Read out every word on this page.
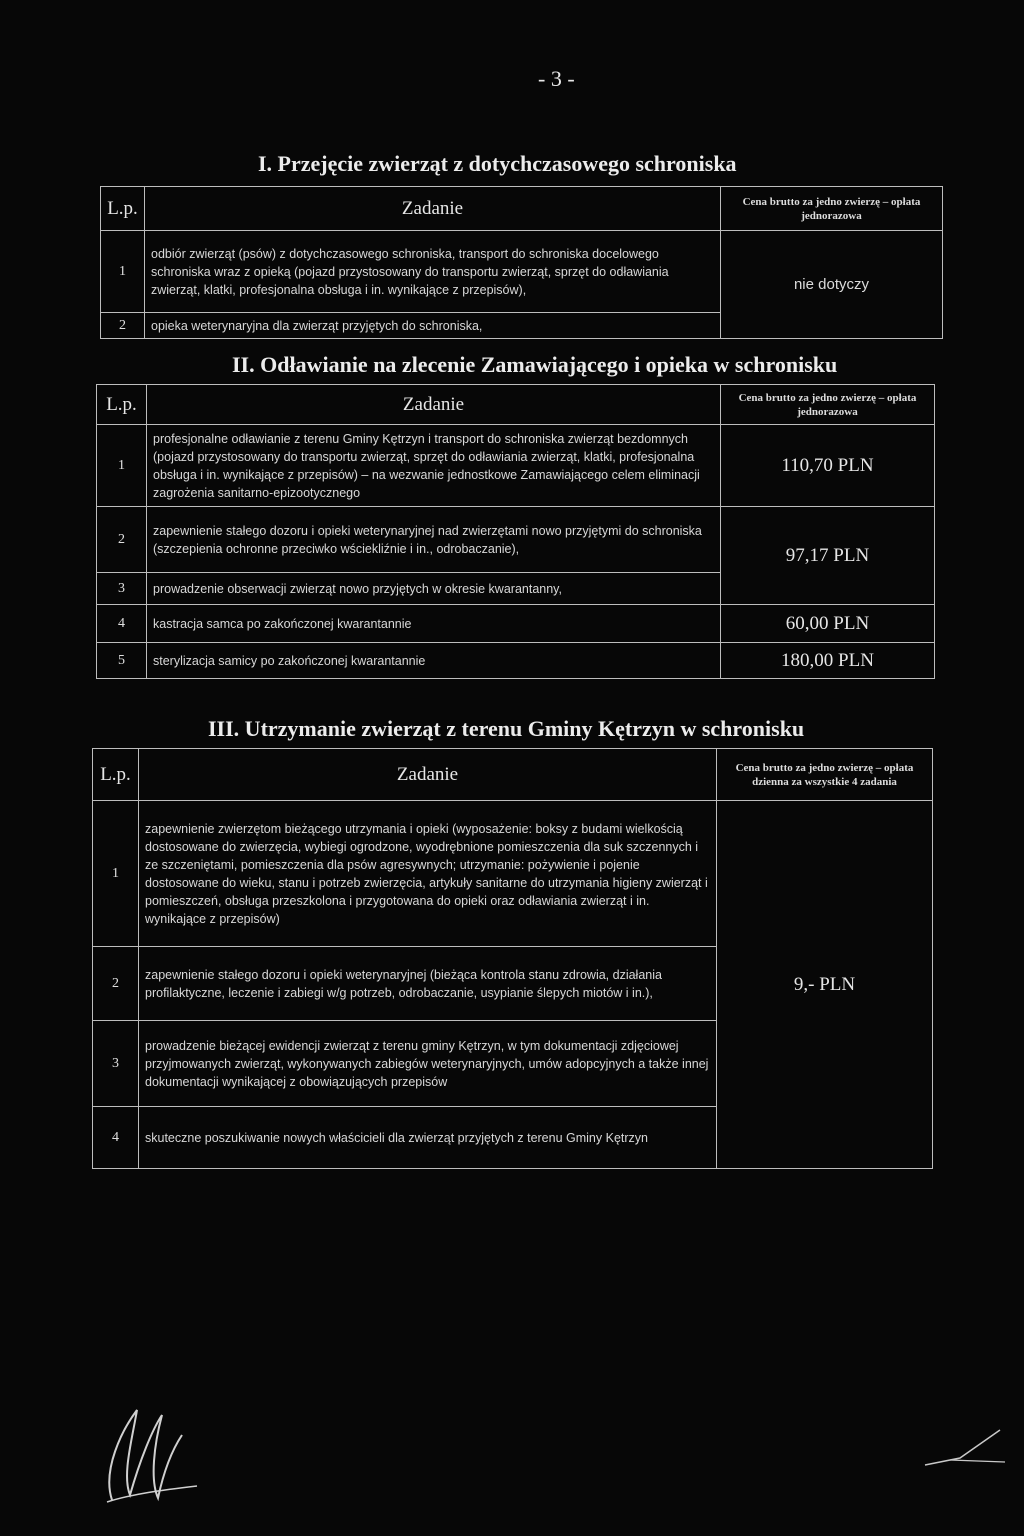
- 3 -
I. Przejęcie zwierząt z dotychczasowego schroniska
L.p.	Zadanie	Cena brutto za jedno zwierzę – opłata jednorazowa
1	odbiór zwierząt (psów) z dotychczasowego schroniska, transport do schroniska docelowego schroniska wraz z opieką (pojazd przystosowany do transportu zwierząt, sprzęt do odławiania zwierząt, klatki, profesjonalna obsługa i in. wynikające z przepisów),	nie dotyczy
2	opieka weterynaryjna dla zwierząt przyjętych do schroniska,	
II. Odławianie na zlecenie Zamawiającego i opieka w schronisku
L.p.	Zadanie	Cena brutto za jedno zwierzę – opłata jednorazowa
1	profesjonalne odławianie z terenu Gminy Kętrzyn i transport do schroniska zwierząt bezdomnych (pojazd przystosowany do transportu zwierząt, sprzęt do odławiania zwierząt, klatki, profesjonalna obsługa i in. wynikające z przepisów) – na wezwanie jednostkowe Zamawiającego celem eliminacji zagrożenia sanitarno-epizootycznego	110,70 PLN
2	zapewnienie stałego dozoru i opieki weterynaryjnej nad zwierzętami nowo przyjętymi do schroniska (szczepienia ochronne przeciwko wściekliźnie i in., odrobaczanie),	97,17 PLN
3	prowadzenie obserwacji zwierząt nowo przyjętych w okresie kwarantanny,	
4	kastracja samca po zakończonej kwarantannie	60,00 PLN
5	sterylizacja samicy po zakończonej kwarantannie	180,00 PLN
III. Utrzymanie zwierząt z terenu Gminy Kętrzyn w schronisku
L.p.	Zadanie	Cena brutto za jedno zwierzę – opłata dzienna za wszystkie 4 zadania
1	zapewnienie zwierzętom bieżącego utrzymania i opieki (wyposażenie: boksy z budami wielkością dostosowane do zwierzęcia, wybiegi ogrodzone, wyodrębnione pomieszczenia dla suk szczennych i ze szczeniętami, pomieszczenia dla psów agresywnych; utrzymanie: pożywienie i pojenie dostosowane do wieku, stanu i potrzeb zwierzęcia, artykuły sanitarne do utrzymania higieny zwierząt i pomieszczeń, obsługa przeszkolona i przygotowana do opieki oraz odławiania zwierząt i in. wynikające z przepisów)	9,- PLN
2	zapewnienie stałego dozoru i opieki weterynaryjnej (bieżąca kontrola stanu zdrowia, działania profilaktyczne, leczenie i zabiegi w/g potrzeb, odrobaczanie, usypianie ślepych miotów i in.),	
3	prowadzenie bieżącej ewidencji zwierząt z terenu gminy Kętrzyn, w tym dokumentacji zdjęciowej przyjmowanych zwierząt, wykonywanych zabiegów weterynaryjnych, umów adopcyjnych a także innej dokumentacji wynikającej z obowiązujących przepisów	
4	skuteczne poszukiwanie nowych właścicieli dla zwierząt przyjętych z terenu Gminy Kętrzyn	
